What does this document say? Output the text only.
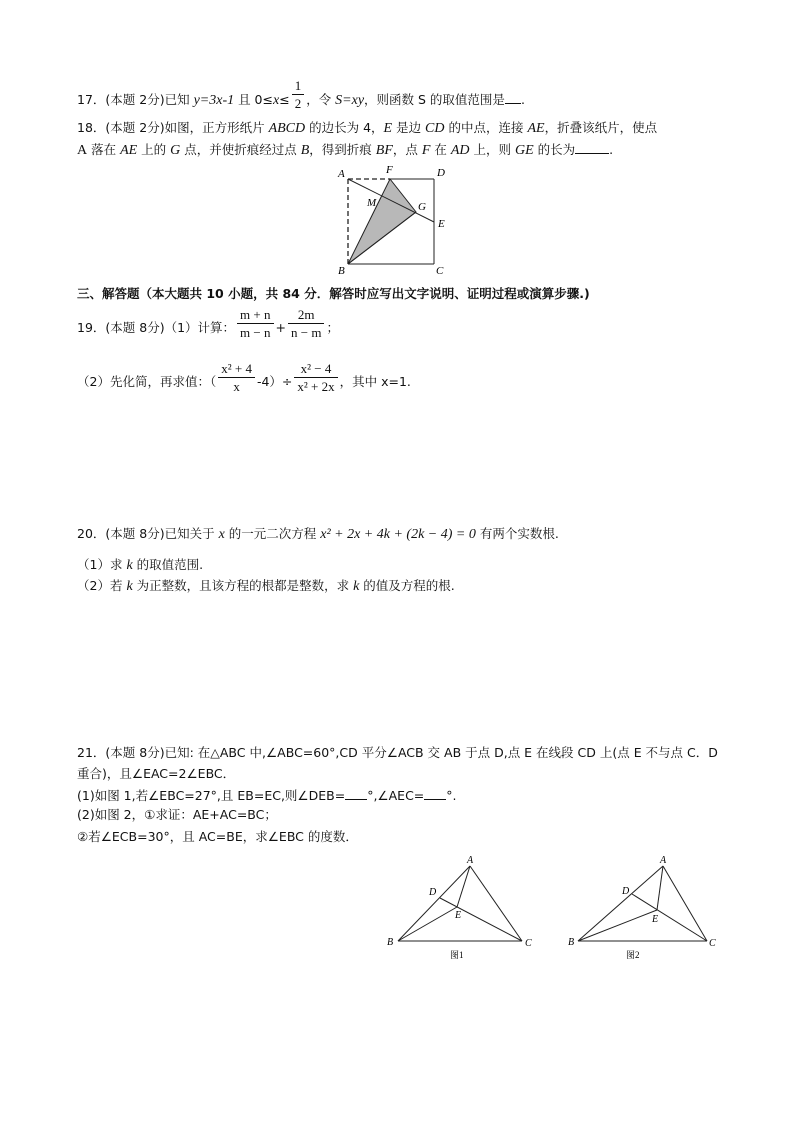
17．(本题 2分)已知 y=3x-1 且 $0\le x\le \frac{1}{2}$ ，令 S=xy，则函数 S 的取值范围是 .
18．(本题 2分)如图，正方形纸片 ABCD 的边长为 4，E 是边 CD 的中点，连接 AE，折叠该纸片，使点
A 落在 AE 上的 G 点，并使折痕经过点 B，得到折痕 BF，点 F 在 AD 上，则 GE 的长为	.
A	F	D
M	G
E
B	C
三、解答题（本大题共 10 小题，共 84 分．解答时应写出文字说明、证明过程或演算步骤.)
19．(本题 8分)（1）计算： $\frac{m + n}{m - n} + \frac{2m}{n - m}$ ；
（2）先化简，再求值：（ $\frac{\text{x² + 4}}{x} -4)\div \frac{\text{x² − 4}}{\text{x² + 2x}}$ ，其中 x=1.
20．(本题 8分)已知关于 x 的一元二次方程 x² + 2x + 4k + (2k − 4) = 0 有两个实数根.
（1）求 k 的取值范围.
（2）若 k 为正整数，且该方程的根都是整数，求 k 的值及方程的根.
21．(本题 8分)已知: 在△ABC 中,∠ABC=60°,CD 平分∠ACB 交 AB 于点 D,点 E 在线段 CD 上(点 E 不与点 C．D
重合)，且∠EAC=2∠EBC．
(1)如图 1,若∠EBC=27°,且 EB=EC,则∠DEB= °,∠AEC= °.
(2)如图 2，①求证：AE+AC=BC；
②若∠ECB=30°，且 AC=BE，求∠EBC 的度数．
A
D
E
B	C
图1
A
D
E
B	C
图2
